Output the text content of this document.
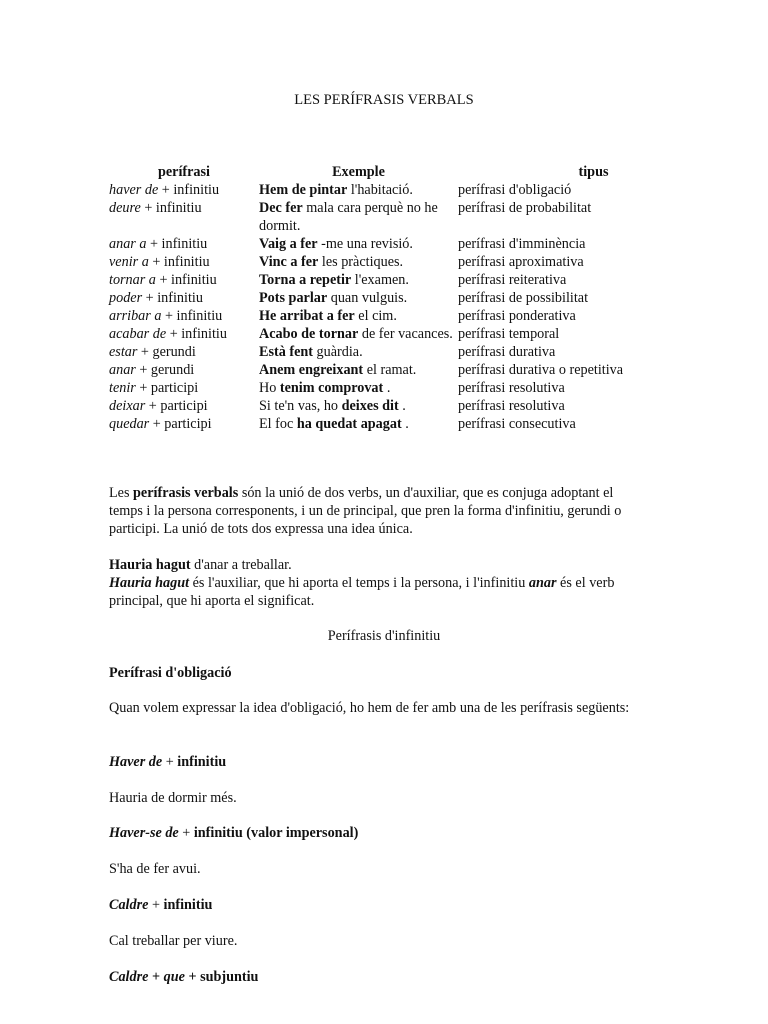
LES PERÍFRASIS VERBALS
perífrasi	Exemple	tipus
haver de + infinitiu	Hem de pintar l'habitació.	perífrasi d'obligació
deure + infinitiu	Dec fer mala cara perquè no he dormit.	perífrasi de probabilitat
anar a + infinitiu	Vaig a fer -me una revisió.	perífrasi d'imminència
venir a + infinitiu	Vinc a fer les pràctiques.	perífrasi aproximativa
tornar a + infinitiu	Torna a repetir l'examen.	perífrasi reiterativa
poder + infinitiu	Pots parlar quan vulguis.	perífrasi de possibilitat
arribar a + infinitiu	He arribat a fer el cim.	perífrasi ponderativa
acabar de + infinitiu	Acabo de tornar de fer vacances.	perífrasi temporal
estar + gerundi	Està fent guàrdia.	perífrasi durativa
anar + gerundi	Anem engreixant el ramat.	perífrasi durativa o repetitiva
tenir + participi	Ho tenim comprovat .	perífrasi resolutiva
deixar + participi	Si te'n vas, ho deixes dit .	perífrasi resolutiva
quedar + participi	El foc ha quedat apagat .	perífrasi consecutiva
Les perífrasis verbals són la unió de dos verbs, un d'auxiliar, que es conjuga adoptant el temps i la persona corresponents, i un de principal, que pren la forma d'infinitiu, gerundi o participi. La unió de tots dos expressa una idea única.
Hauria hagut d'anar a treballar.
Hauria hagut és l'auxiliar, que hi aporta el temps i la persona, i l'infinitiu anar és el verb principal, que hi aporta el significat.
Perífrasis d'infinitiu
Perífrasi d'obligació
Quan volem expressar la idea d'obligació, ho hem de fer amb una de les perífrasis següents:
Haver de + infinitiu
Hauria de dormir més.
Haver-se de + infinitiu (valor impersonal)
S'ha de fer avui.
Caldre + infinitiu
Cal treballar per viure.
Caldre + que + subjuntiu
